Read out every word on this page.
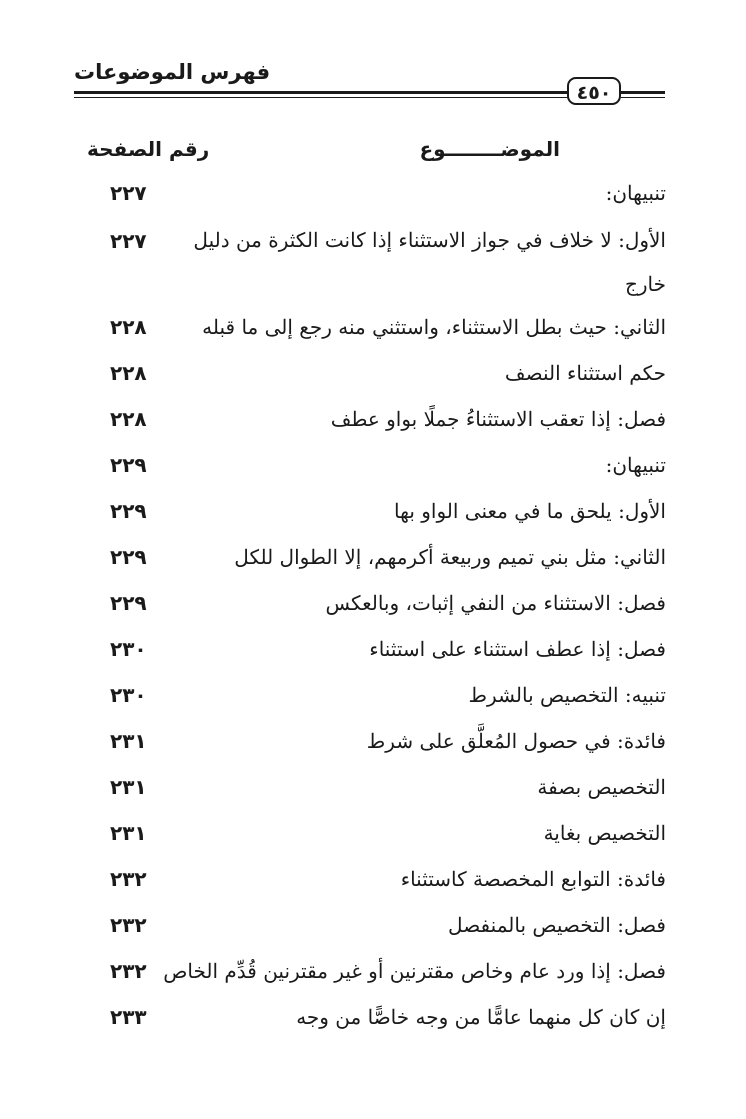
فهرس الموضوعات
٤٥٠
الموضــــــــوع
رقم الصفحة
تنبيهان:
٢٢٧
الأول: لا خلاف في جواز الاستثناء إذا كانت الكثرة من دليل خارج
٢٢٧
الثاني: حيث بطل الاستثناء، واستثني منه رجع إلى ما قبله
٢٢٨
حكم استثناء النصف
٢٢٨
فصل: إذا تعقب الاستثناءُ جملًا بواو عطف
٢٢٨
تنبيهان:
٢٢٩
الأول: يلحق ما في معنى الواو بها
٢٢٩
الثاني: مثل بني تميم وربيعة أكرمهم، إلا الطوال للكل
٢٢٩
فصل: الاستثناء من النفي إثبات، وبالعكس
٢٢٩
فصل: إذا عطف استثناء على استثناء
٢٣٠
تنبيه: التخصيص بالشرط
٢٣٠
فائدة: في حصول المُعلَّق على شرط
٢٣١
التخصيص بصفة
٢٣١
التخصيص بغاية
٢٣١
فائدة: التوابع المخصصة كاستثناء
٢٣٢
فصل: التخصيص بالمنفصل
٢٣٢
فصل: إذا ورد عام وخاص مقترنين أو غير مقترنين قُدِّم الخاص
٢٣٢
إن كان كل منهما عامًّا من وجه خاصًّا من وجه
٢٣٣
